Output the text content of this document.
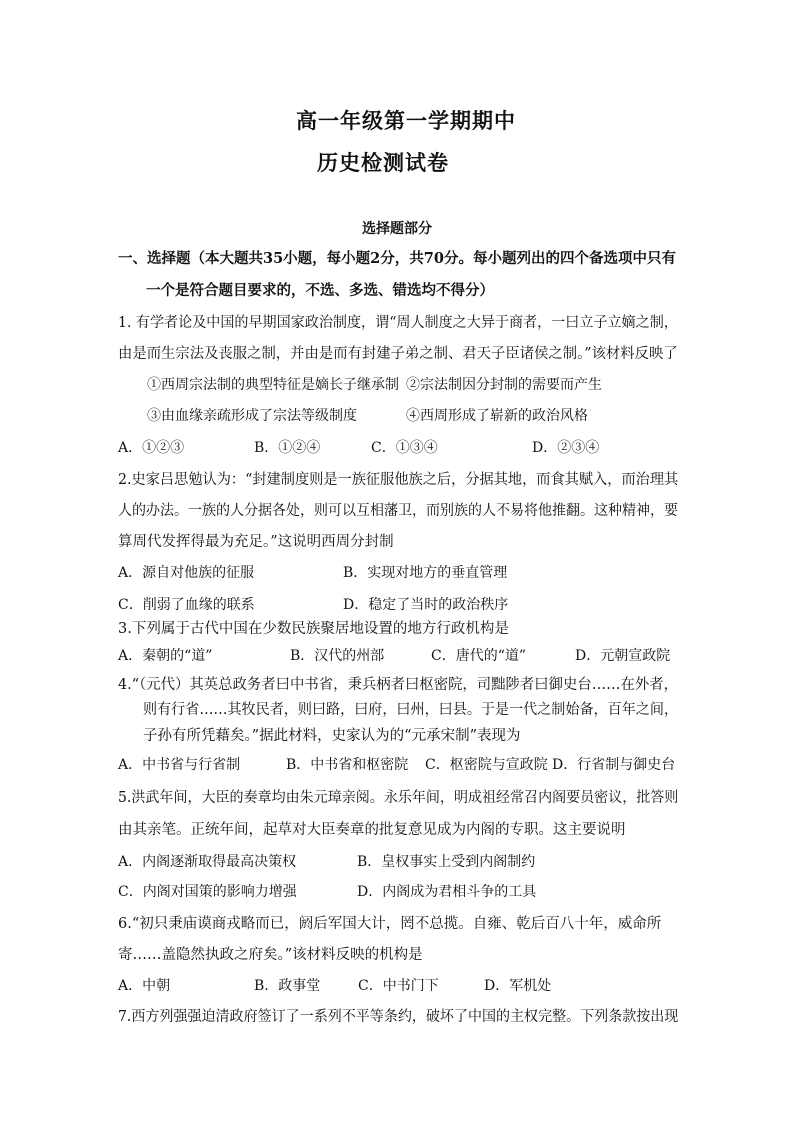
高一年级第一学期期中
历史检测试卷
选择题部分
一、选择题（本大题共35小题，每小题2分，共70分。每小题列出的四个备选项中只有
一个是符合题目要求的，不选、多选、错选均不得分）
1. 有学者论及中国的早期国家政治制度，谓“周人制度之大异于商者，一曰立子立嫡之制，
由是而生宗法及丧服之制，并由是而有封建子弟之制、君天子臣诸侯之制。”该材料反映了
①西周宗法制的典型特征是嫡长子继承制 ②宗法制因分封制的需要而产生
③由血缘亲疏形成了宗法等级制度	④西周形成了崭新的政治风格
A．①②③	B．①②④	C．①③④	D．②③④
2.史家吕思勉认为：“封建制度则是一族征服他族之后，分据其地，而食其赋入，而治理其
人的办法。一族的人分据各处，则可以互相藩卫，而别族的人不易将他推翻。这种精神，要
算周代发挥得最为充足。”这说明西周分封制
A．源自对他族的征服	B．实现对地方的垂直管理
C．削弱了血缘的联系	D．稳定了当时的政治秩序
3.下列属于古代中国在少数民族聚居地设置的地方行政机构是
A．秦朝的“道”	B．汉代的州部	C．唐代的“道”	D．元朝宣政院
4.“（元代）其英总政务者曰中书省，秉兵柄者曰枢密院，司黜陟者曰御史台……在外者，
则有行省……其牧民者，则曰路，曰府，曰州，曰县。于是一代之制始备，百年之间，
子孙有所凭藉矣。”据此材料，史家认为的“元承宋制”表现为
A．中书省与行省制	B．中书省和枢密院 C．枢密院与宣政院 D．行省制与御史台
5.洪武年间，大臣的奏章均由朱元璋亲阅。永乐年间，明成祖经常召内阁要员密议，批答则
由其亲笔。正统年间，起草对大臣奏章的批复意见成为内阁的专职。这主要说明
A．内阁逐渐取得最高决策权	B．皇权事实上受到内阁制约
C．内阁对国策的影响力增强	D．内阁成为君相斗争的工具
6.“初只秉庙谟商戎略而已，阏后军国大计，罔不总揽。自雍、乾后百八十年，威命所
寄……盖隐然执政之府矣。”该材料反映的机构是
A．中朝	B．政事堂	C．中书门下	D．军机处
7.西方列强强迫清政府签订了一系列不平等条约，破坏了中国的主权完整。下列条款按出现
